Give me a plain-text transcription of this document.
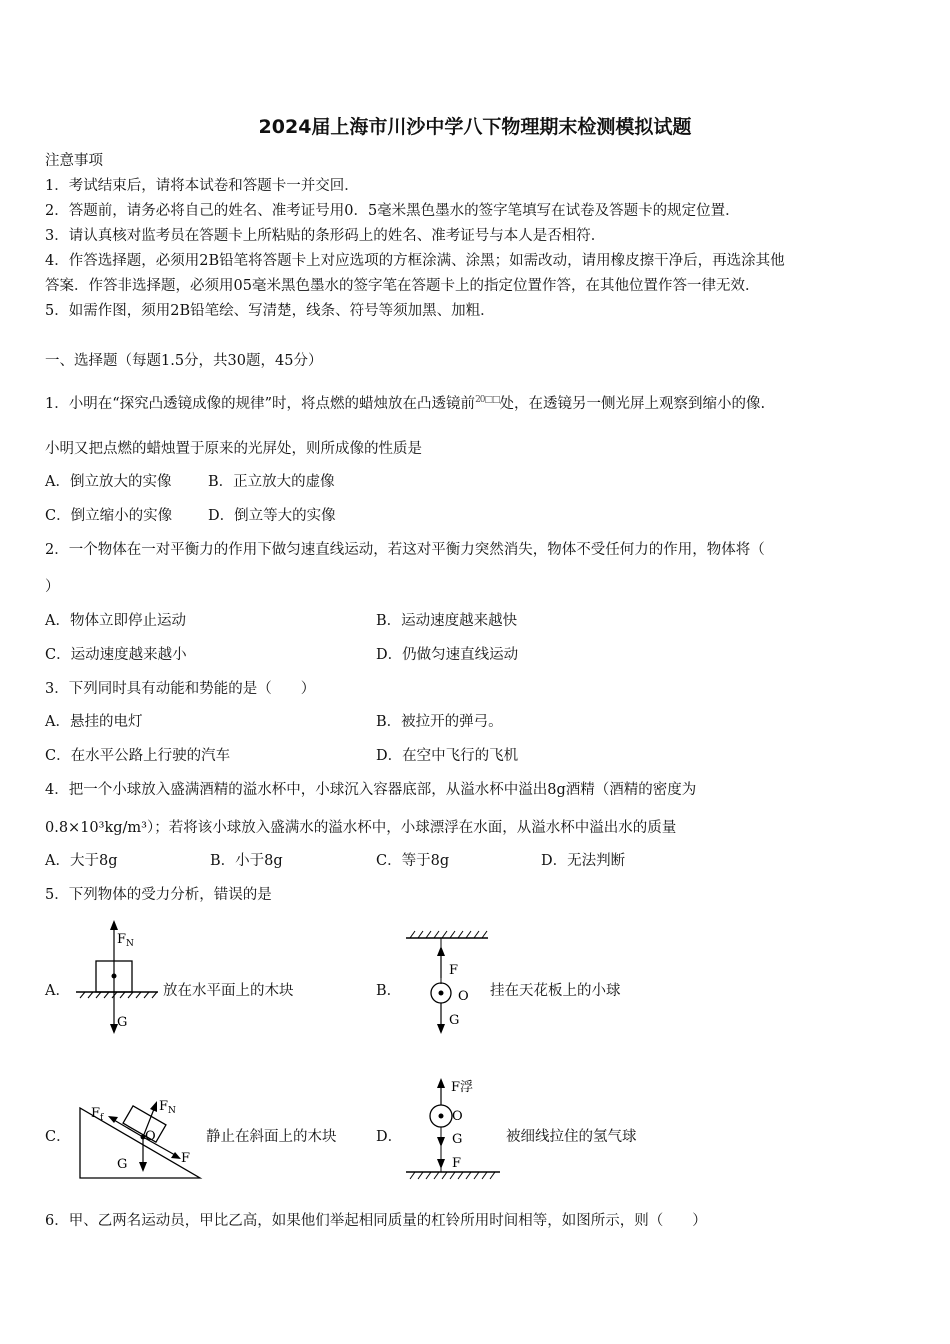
2024届上海市川沙中学八下物理期末检测模拟试题
注意事项
1．考试结束后，请将本试卷和答题卡一并交回．
2．答题前，请务必将自己的姓名、准考证号用0．5毫米黑色墨水的签字笔填写在试卷及答题卡的规定位置．
3．请认真核对监考员在答题卡上所粘贴的条形码上的姓名、准考证号与本人是否相符．
4．作答选择题，必须用2B铅笔将答题卡上对应选项的方框涂满、涂黑；如需改动，请用橡皮擦干净后，再选涂其他
答案．作答非选择题，必须用05毫米黑色墨水的签字笔在答题卡上的指定位置作答，在其他位置作答一律无效．
5．如需作图，须用2B铅笔绘、写清楚，线条、符号等须加黑、加粗．
一、选择题（每题1.5分，共30题，45分）
1．小明在“探究凸透镜成像的规律”时，将点燃的蜡烛放在凸透镜前$^{20□□}$处，在透镜另一侧光屏上观察到缩小的像.
小明又把点燃的蜡烛置于原来的光屏处，则所成像的性质是
A．倒立放大的实像	B．正立放大的虚像
C．倒立缩小的实像 D．倒立等大的实像
2．一个物体在一对平衡力的作用下做匀速直线运动，若这对平衡力突然消失，物体不受任何力的作用，物体将（
）
A．物体立即停止运动	B．运动速度越来越快
C．运动速度越来越小	D．仍做匀速直线运动
3．下列同时具有动能和势能的是（　　）
A．悬挂的电灯	B．被拉开的弹弓。
C．在水平公路上行驶的汽车	D．在空中飞行的飞机
4．把一个小球放入盛满酒精的溢水杯中，小球沉入容器底部，从溢水杯中溢出8g酒精（酒精的密度为
0.8×10³kg/m³）；若将该小球放入盛满水的溢水杯中，小球漂浮在水面，从溢水杯中溢出水的质量
A．大于8g	B．小于8g	C．等于8g	D．无法判断
5．下列物体的受力分析，错误的是
A．
$F_N$
G
放在水平面上的木块	B．
F
O
G
挂在天花板上的小球
C．
$F_f$
$F_N$
O
G	F
静止在斜面上的木块	D．
F浮
O
G
F
被细线拉住的氢气球
6．甲、乙两名运动员，甲比乙高，如果他们举起相同质量的杠铃所用时间相等，如图所示，则（　　）
